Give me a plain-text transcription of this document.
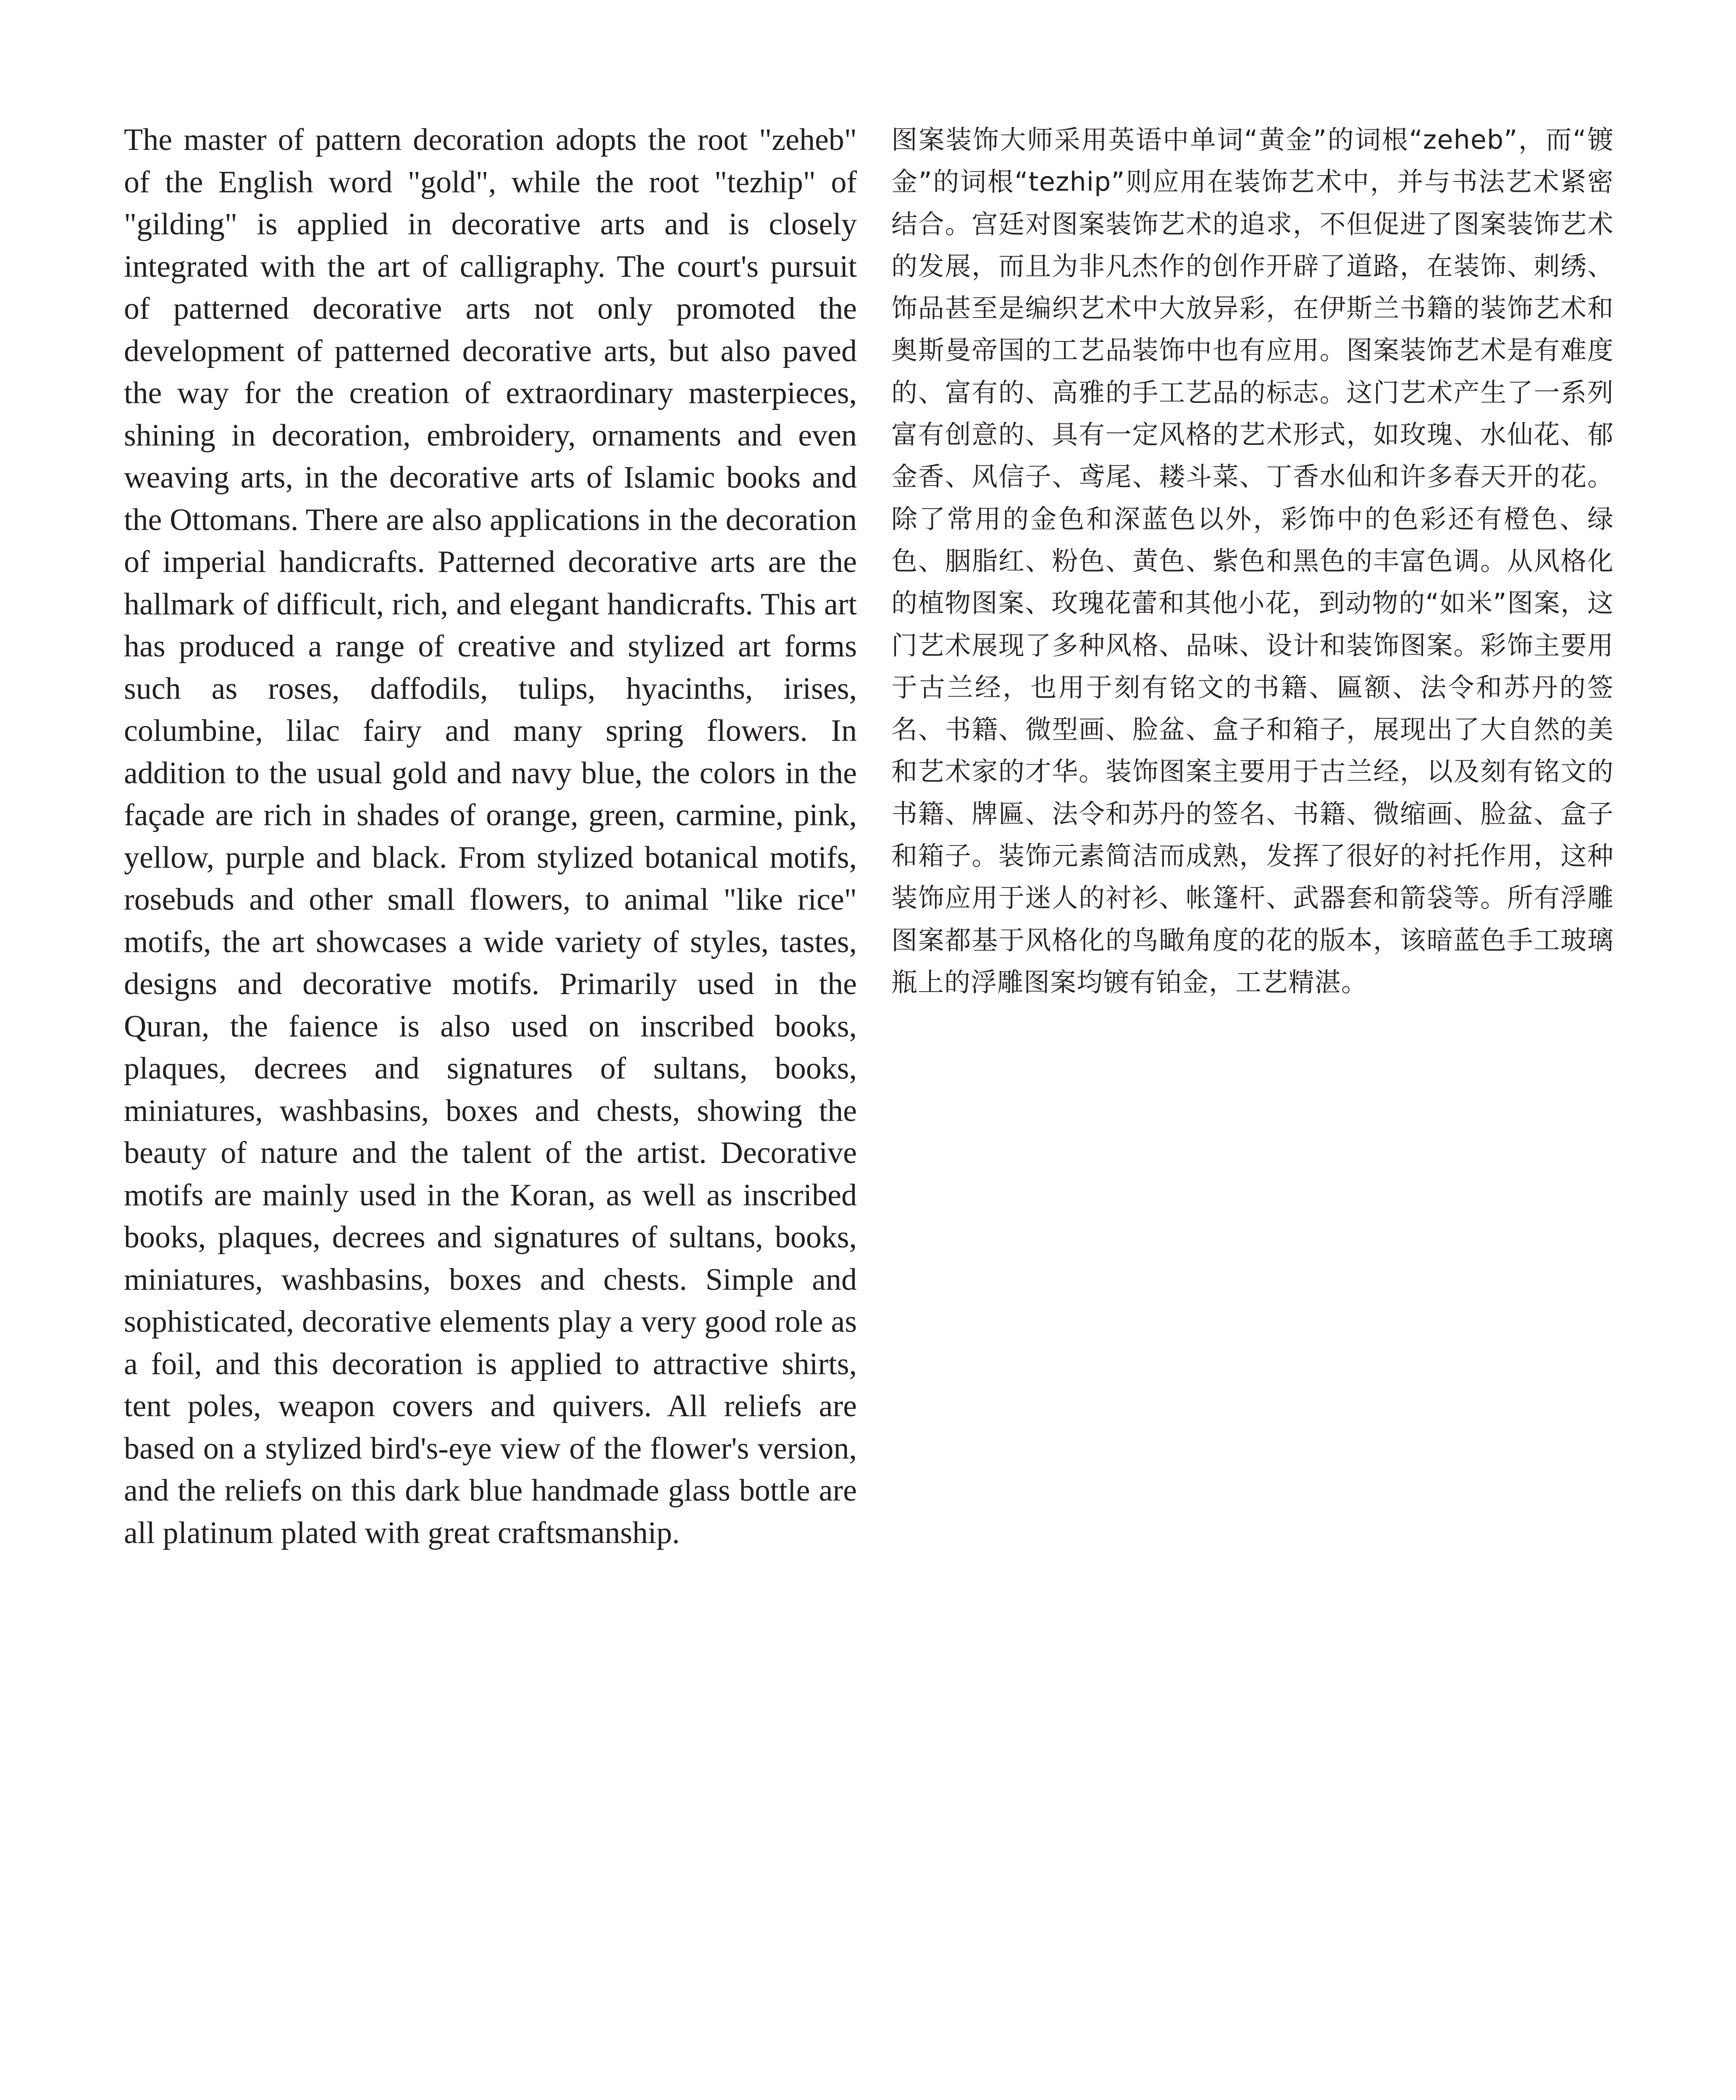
The master of pattern decoration adopts the root "zeheb" of the English word "gold", while the root "tezhip" of "gilding" is applied in decorative arts and is closely integrated with the art of calligraphy. The court's pursuit of patterned decorative arts not only promoted the development of patterned decorative arts, but also paved the way for the creation of extraordinary masterpieces, shining in decoration, embroidery, ornaments and even weaving arts, in the decorative arts of Islamic books and the Ottomans. There are also applications in the decoration of imperial handicrafts. Patterned decorative arts are the hallmark of difficult, rich, and elegant handicrafts. This art has produced a range of creative and stylized art forms such as roses, daffodils, tulips, hyacinths, irises, columbine, lilac fairy and many spring flowers. In addition to the usual gold and navy blue, the colors in the façade are rich in shades of orange, green, carmine, pink, yellow, purple and black. From stylized botanical motifs, rosebuds and other small flowers, to animal "like rice" motifs, the art showcases a wide variety of styles, tastes, designs and decorative motifs. Primarily used in the Quran, the faience is also used on inscribed books, plaques, decrees and signatures of sultans, books, miniatures, washbasins, boxes and chests, showing the beauty of nature and the talent of the artist. Decorative motifs are mainly used in the Koran, as well as inscribed books, plaques, decrees and signatures of sultans, books, miniatures, washbasins, boxes and chests. Simple and sophisticated, decorative elements play a very good role as a foil, and this decoration is applied to attractive shirts, tent poles, weapon covers and quivers. All reliefs are based on a stylized bird's-eye view of the flower's version, and the reliefs on this dark blue handmade glass bottle are all platinum plated with great craftsmanship.

图案装饰大师采用英语中单词“黄金”的词根“zeheb”，而“镀金”的词根“tezhip”则应用在装饰艺术中，并与书法艺术紧密结合。宫廷对图案装饰艺术的追求，不但促进了图案装饰艺术的发展，而且为非凡杰作的创作开辟了道路，在装饰、刺绣、饰品甚至是编织艺术中大放异彩，在伊斯兰书籍的装饰艺术和奥斯曼帝国的工艺品装饰中也有应用。图案装饰艺术是有难度的、富有的、高雅的手工艺品的标志。这门艺术产生了一系列富有创意的、具有一定风格的艺术形式，如玫瑰、水仙花、郁金香、风信子、鸢尾、耧斗菜、丁香水仙和许多春天开的花。除了常用的金色和深蓝色以外，彩饰中的色彩还有橙色、绿色、胭脂红、粉色、黄色、紫色和黑色的丰富色调。从风格化的植物图案、玫瑰花蕾和其他小花，到动物的“如米”图案，这门艺术展现了多种风格、品味、设计和装饰图案。彩饰主要用于古兰经，也用于刻有铭文的书籍、匾额、法令和苏丹的签名、书籍、微型画、脸盆、盒子和箱子，展现出了大自然的美和艺术家的才华。装饰图案主要用于古兰经，以及刻有铭文的书籍、牌匾、法令和苏丹的签名、书籍、微缩画、脸盆、盒子和箱子。装饰元素简洁而成熟，发挥了很好的衬托作用，这种装饰应用于迷人的衬衫、帐篷杆、武器套和箭袋等。所有浮雕图案都基于风格化的鸟瞰角度的花的版本，该暗蓝色手工玻璃瓶上的浮雕图案均镀有铂金，工艺精湛。
